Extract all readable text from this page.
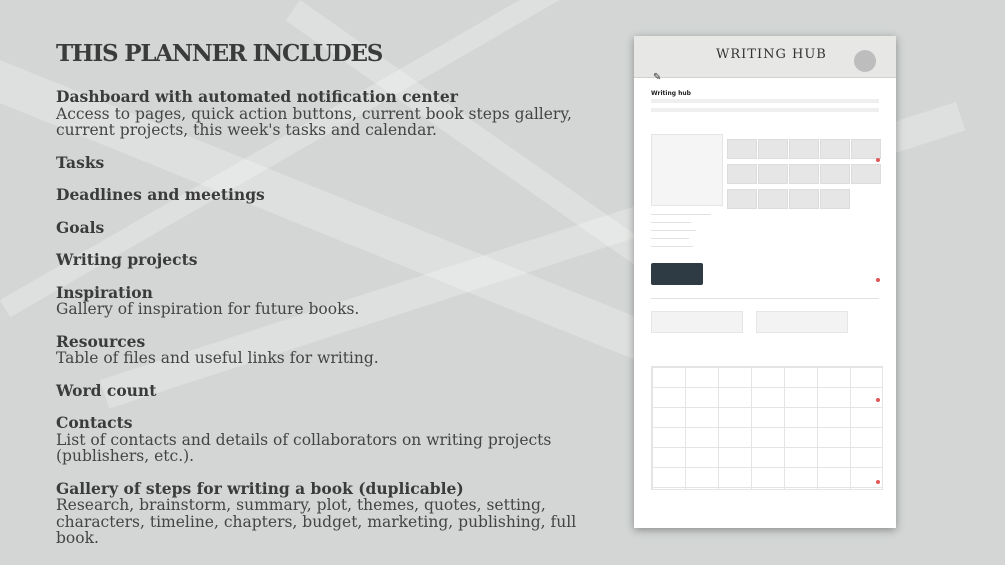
THIS PLANNER INCLUDES
Dashboard with automated notification center
Access to pages, quick action buttons, current book steps gallery, current projects, this week's tasks and calendar.
Tasks
Deadlines and meetings
Goals
Writing projects
Inspiration
Gallery of inspiration for future books.
Resources
Table of files and useful links for writing.
Word count
Contacts
List of contacts and details of collaborators on writing projects (publishers, etc.).
Gallery of steps for writing a book (duplicable)
Research, brainstorm, summary, plot, themes, quotes, setting, characters, timeline, chapters, budget, marketing, publishing, full book.
WRITING HUB
✎
Writing hub
